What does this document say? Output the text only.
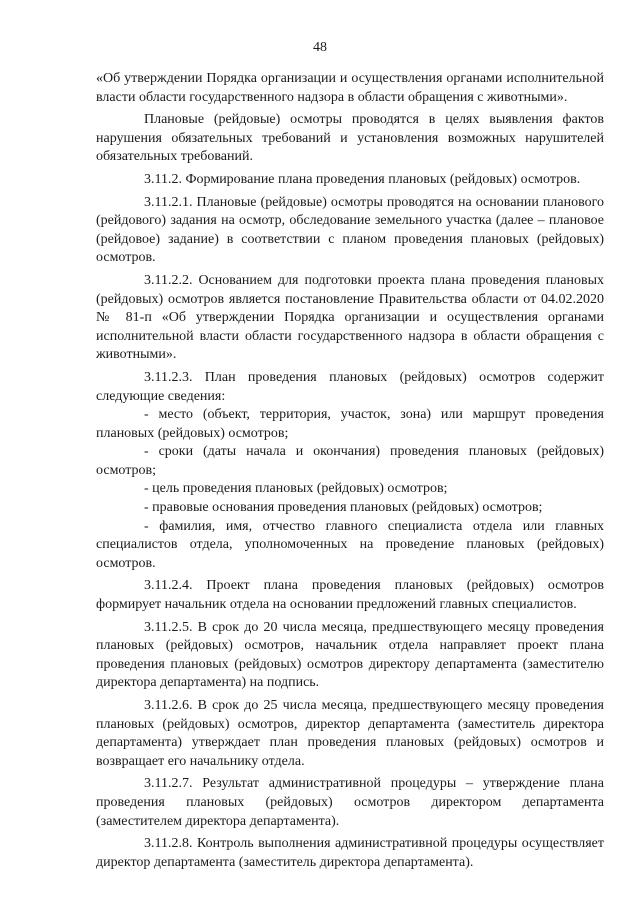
48

«Об утверждении Порядка организации и осуществления органами исполнительной власти области государственного надзора в области обращения с животными».

Плановые (рейдовые) осмотры проводятся в целях выявления фактов нарушения обязательных требований и установления возможных нарушителей обязательных требований.

3.11.2. Формирование плана проведения плановых (рейдовых) осмотров.

3.11.2.1. Плановые (рейдовые) осмотры проводятся на основании планового (рейдового) задания на осмотр, обследование земельного участка (далее – плановое (рейдовое) задание) в соответствии с планом проведения плановых (рейдовых) осмотров.

3.11.2.2. Основанием для подготовки проекта плана проведения плановых (рейдовых) осмотров является постановление Правительства области от 04.02.2020 № 81-п «Об утверждении Порядка организации и осуществления органами исполнительной власти области государственного надзора в области обращения с животными».

3.11.2.3. План проведения плановых (рейдовых) осмотров содержит следующие сведения:

- место (объект, территория, участок, зона) или маршрут проведения плановых (рейдовых) осмотров;

- сроки (даты начала и окончания) проведения плановых (рейдовых) осмотров;

- цель проведения плановых (рейдовых) осмотров;

- правовые основания проведения плановых (рейдовых) осмотров;

- фамилия, имя, отчество главного специалиста отдела или главных специалистов отдела, уполномоченных на проведение плановых (рейдовых) осмотров.

3.11.2.4. Проект плана проведения плановых (рейдовых) осмотров формирует начальник отдела на основании предложений главных специалистов.

3.11.2.5. В срок до 20 числа месяца, предшествующего месяцу проведения плановых (рейдовых) осмотров, начальник отдела направляет проект плана проведения плановых (рейдовых) осмотров директору департамента (заместителю директора департамента) на подпись.

3.11.2.6. В срок до 25 числа месяца, предшествующего месяцу проведения плановых (рейдовых) осмотров, директор департамента (заместитель директора департамента) утверждает план проведения плановых (рейдовых) осмотров и возвращает его начальнику отдела.

3.11.2.7. Результат административной процедуры – утверждение плана проведения плановых (рейдовых) осмотров директором департамента (заместителем директора департамента).

3.11.2.8. Контроль выполнения административной процедуры осуществляет директор департамента (заместитель директора департамента).
